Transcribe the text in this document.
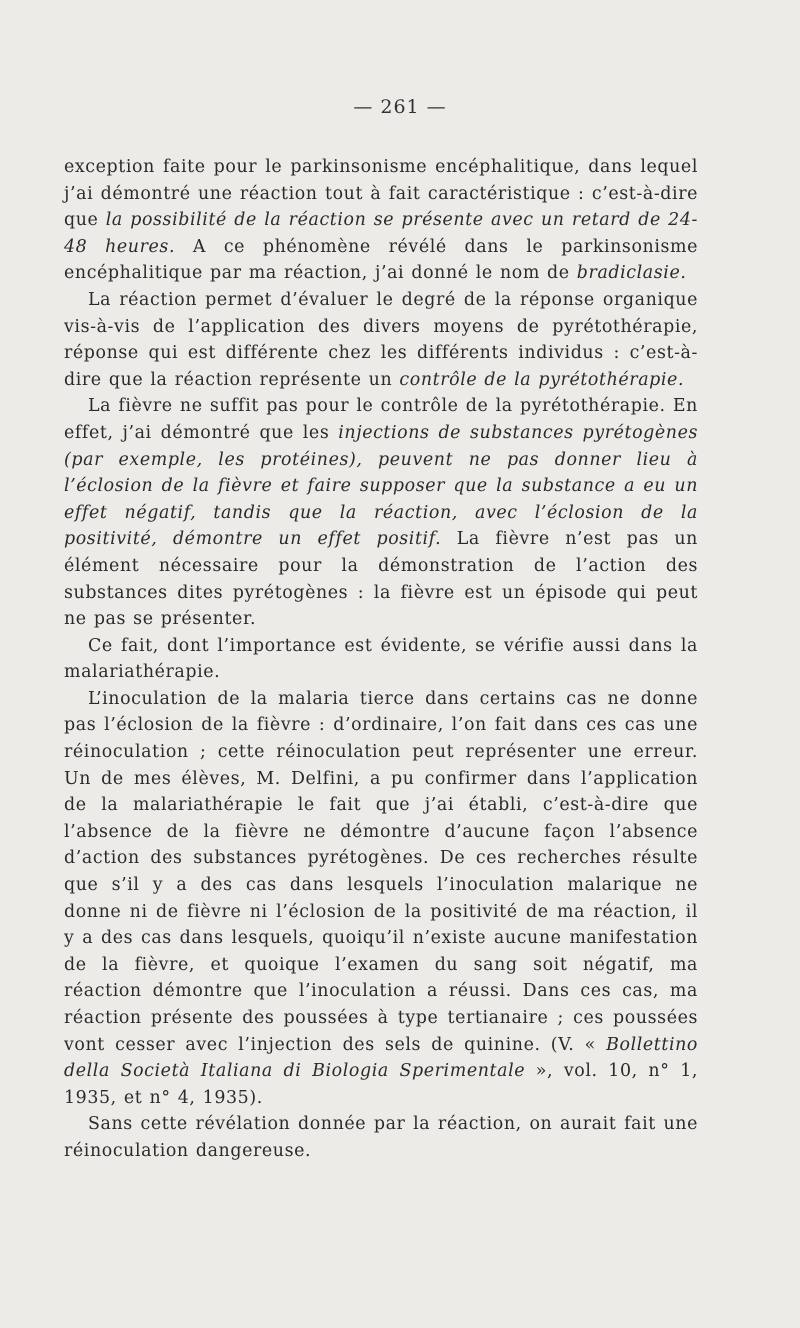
— 261 —

exception faite pour le parkinsonisme encéphalitique, dans lequel j’ai démontré une réaction tout à fait caractéristique : c’est-à-dire que la possibilité de la réaction se présente avec un retard de 24-48 heures. A ce phénomène révélé dans le parkinsonisme encéphalitique par ma réaction, j’ai donné le nom de bradiclasie.

La réaction permet d’évaluer le degré de la réponse organique vis-à-vis de l’application des divers moyens de pyrétothérapie, réponse qui est différente chez les différents individus : c’est-à-dire que la réaction représente un contrôle de la pyrétothérapie.

La fièvre ne suffit pas pour le contrôle de la pyrétothérapie. En effet, j’ai démontré que les injections de substances pyrétogènes (par exemple, les protéines), peuvent ne pas donner lieu à l’éclosion de la fièvre et faire supposer que la substance a eu un effet négatif, tandis que la réaction, avec l’éclosion de la positivité, démontre un effet positif. La fièvre n’est pas un élément nécessaire pour la démonstration de l’action des substances dites pyrétogènes : la fièvre est un épisode qui peut ne pas se présenter.

Ce fait, dont l’importance est évidente, se vérifie aussi dans la malariathérapie.

L’inoculation de la malaria tierce dans certains cas ne donne pas l’éclosion de la fièvre : d’ordinaire, l’on fait dans ces cas une réinoculation ; cette réinoculation peut représenter une erreur. Un de mes élèves, M. Delfini, a pu confirmer dans l’application de la malariathérapie le fait que j’ai établi, c’est-à-dire que l’absence de la fièvre ne démontre d’aucune façon l’absence d’action des substances pyrétogènes. De ces recherches résulte que s’il y a des cas dans lesquels l’inoculation malarique ne donne ni de fièvre ni l’éclosion de la positivité de ma réaction, il y a des cas dans lesquels, quoiqu’il n’existe aucune manifestation de la fièvre, et quoique l’examen du sang soit négatif, ma réaction démontre que l’inoculation a réussi. Dans ces cas, ma réaction présente des poussées à type tertianaire ; ces poussées vont cesser avec l’injection des sels de quinine. (V. « Bollettino della Società Italiana di Biologia Sperimentale », vol. 10, n° 1, 1935, et n° 4, 1935).

Sans cette révélation donnée par la réaction, on aurait fait une réinoculation dangereuse.
